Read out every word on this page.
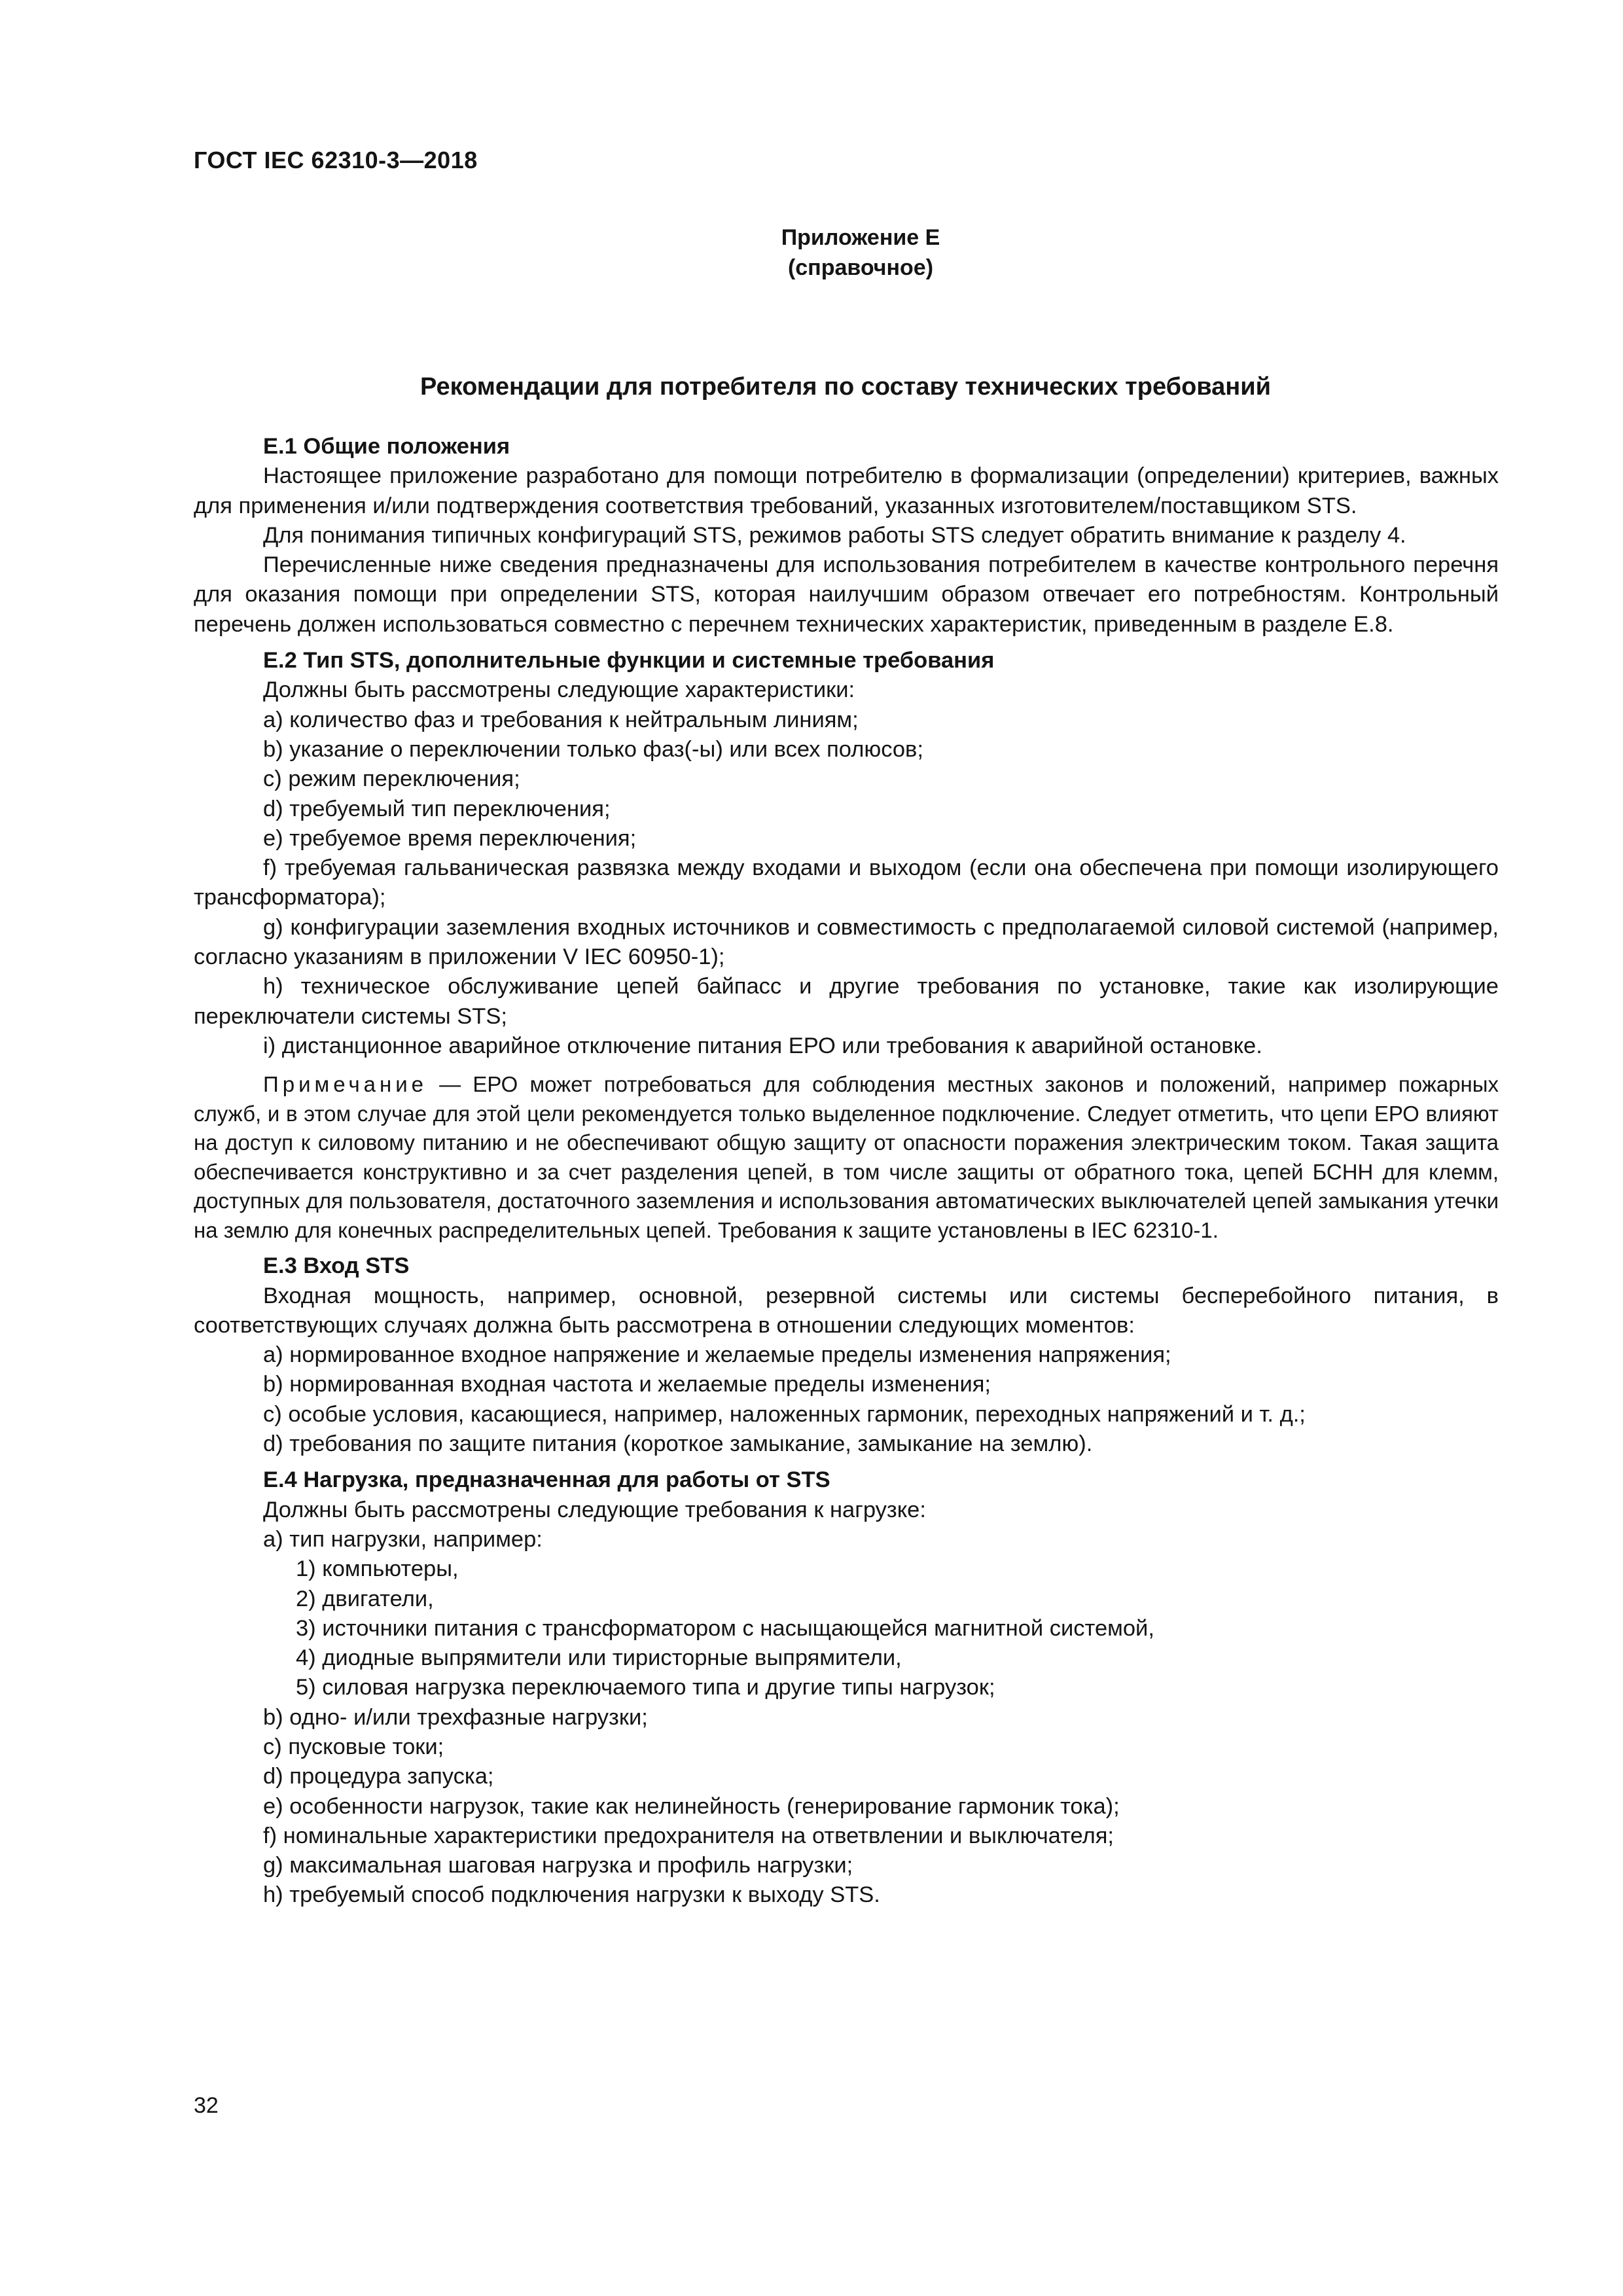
ГОСТ IEC 62310-3—2018
Приложение Е
(справочное)
Рекомендации для потребителя по составу технических требований

Е.1 Общие положения

Настоящее приложение разработано для помощи потребителю в формализации (определении) критериев, важных для применения и/или подтверждения соответствия требований, указанных изготовителем/поставщиком STS.

Для понимания типичных конфигураций STS, режимов работы STS следует обратить внимание к разделу 4.

Перечисленные ниже сведения предназначены для использования потребителем в качестве контрольного перечня для оказания помощи при определении STS, которая наилучшим образом отвечает его потребностям. Контрольный перечень должен использоваться совместно с перечнем технических характеристик, приведенным в разделе Е.8.

Е.2 Тип STS, дополнительные функции и системные требования

Должны быть рассмотрены следующие характеристики:

a) количество фаз и требования к нейтральным линиям;

b) указание о переключении только фаз(-ы) или всех полюсов;

c) режим переключения;

d) требуемый тип переключения;

e) требуемое время переключения;

f) требуемая гальваническая развязка между входами и выходом (если она обеспечена при помощи изолирующего трансформатора);

g) конфигурации заземления входных источников и совместимость с предполагаемой силовой системой (например, согласно указаниям в приложении V IEC 60950-1);

h) техническое обслуживание цепей байпасс и другие требования по установке, такие как изолирующие переключатели системы STS;

i) дистанционное аварийное отключение питания ЕРО или требования к аварийной остановке.

Примечание — ЕРО может потребоваться для соблюдения местных законов и положений, например пожарных служб, и в этом случае для этой цели рекомендуется только выделенное подключение. Следует отметить, что цепи ЕРО влияют на доступ к силовому питанию и не обеспечивают общую защиту от опасности поражения электрическим током. Такая защита обеспечивается конструктивно и за счет разделения цепей, в том числе защиты от обратного тока, цепей БСНН для клемм, доступных для пользователя, достаточного заземления и использования автоматических выключателей цепей замыкания утечки на землю для конечных распределительных цепей. Требования к защите установлены в IEC 62310-1.

Е.3 Вход STS

Входная мощность, например, основной, резервной системы или системы бесперебойного питания, в соответствующих случаях должна быть рассмотрена в отношении следующих моментов:

a) нормированное входное напряжение и желаемые пределы изменения напряжения;

b) нормированная входная частота и желаемые пределы изменения;

c) особые условия, касающиеся, например, наложенных гармоник, переходных напряжений и т. д.;

d) требования по защите питания (короткое замыкание, замыкание на землю).

Е.4 Нагрузка, предназначенная для работы от STS

Должны быть рассмотрены следующие требования к нагрузке:

a) тип нагрузки, например:

1) компьютеры,

2) двигатели,

3) источники питания с трансформатором с насыщающейся магнитной системой,

4) диодные выпрямители или тиристорные выпрямители,

5) силовая нагрузка переключаемого типа и другие типы нагрузок;

b) одно- и/или трехфазные нагрузки;

c) пусковые токи;

d) процедура запуска;

e) особенности нагрузок, такие как нелинейность (генерирование гармоник тока);

f) номинальные характеристики предохранителя на ответвлении и выключателя;

g) максимальная шаговая нагрузка и профиль нагрузки;

h) требуемый способ подключения нагрузки к выходу STS.

32
